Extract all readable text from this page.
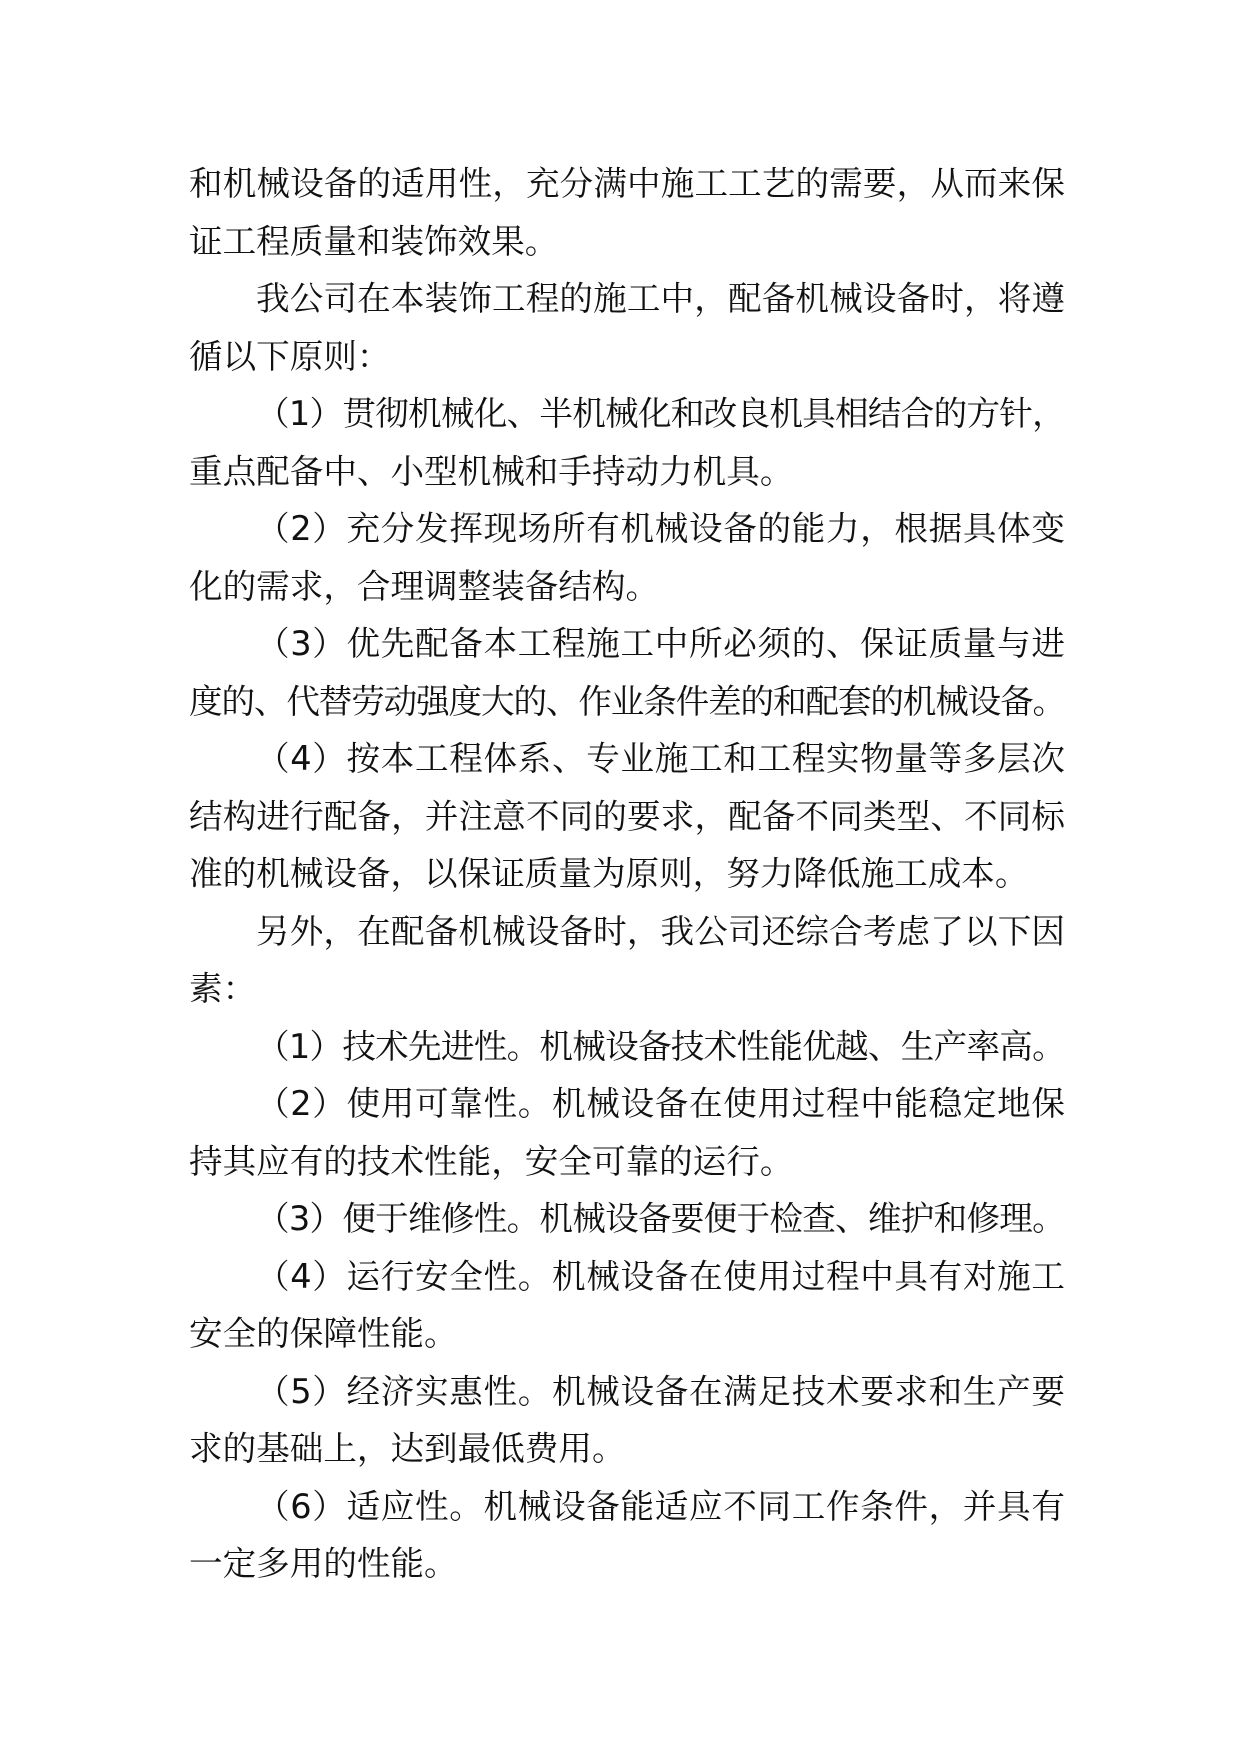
和机械设备的适用性，充分满中施工工艺的需要，从而来保
证工程质量和装饰效果。
我公司在本装饰工程的施工中，配备机械设备时，将遵
循以下原则：
（1）贯彻机械化、半机械化和改良机具相结合的方针，
重点配备中、小型机械和手持动力机具。
（2）充分发挥现场所有机械设备的能力，根据具体变
化的需求，合理调整装备结构。
（3）优先配备本工程施工中所必须的、保证质量与进
度的、代替劳动强度大的、作业条件差的和配套的机械设备。
（4）按本工程体系、专业施工和工程实物量等多层次
结构进行配备，并注意不同的要求，配备不同类型、不同标
准的机械设备，以保证质量为原则，努力降低施工成本。
另外，在配备机械设备时，我公司还综合考虑了以下因
素：
（1）技术先进性。机械设备技术性能优越、生产率高。
（2）使用可靠性。机械设备在使用过程中能稳定地保
持其应有的技术性能，安全可靠的运行。
（3）便于维修性。机械设备要便于检查、维护和修理。
（4）运行安全性。机械设备在使用过程中具有对施工
安全的保障性能。
（5）经济实惠性。机械设备在满足技术要求和生产要
求的基础上，达到最低费用。
（6）适应性。机械设备能适应不同工作条件，并具有
一定多用的性能。
